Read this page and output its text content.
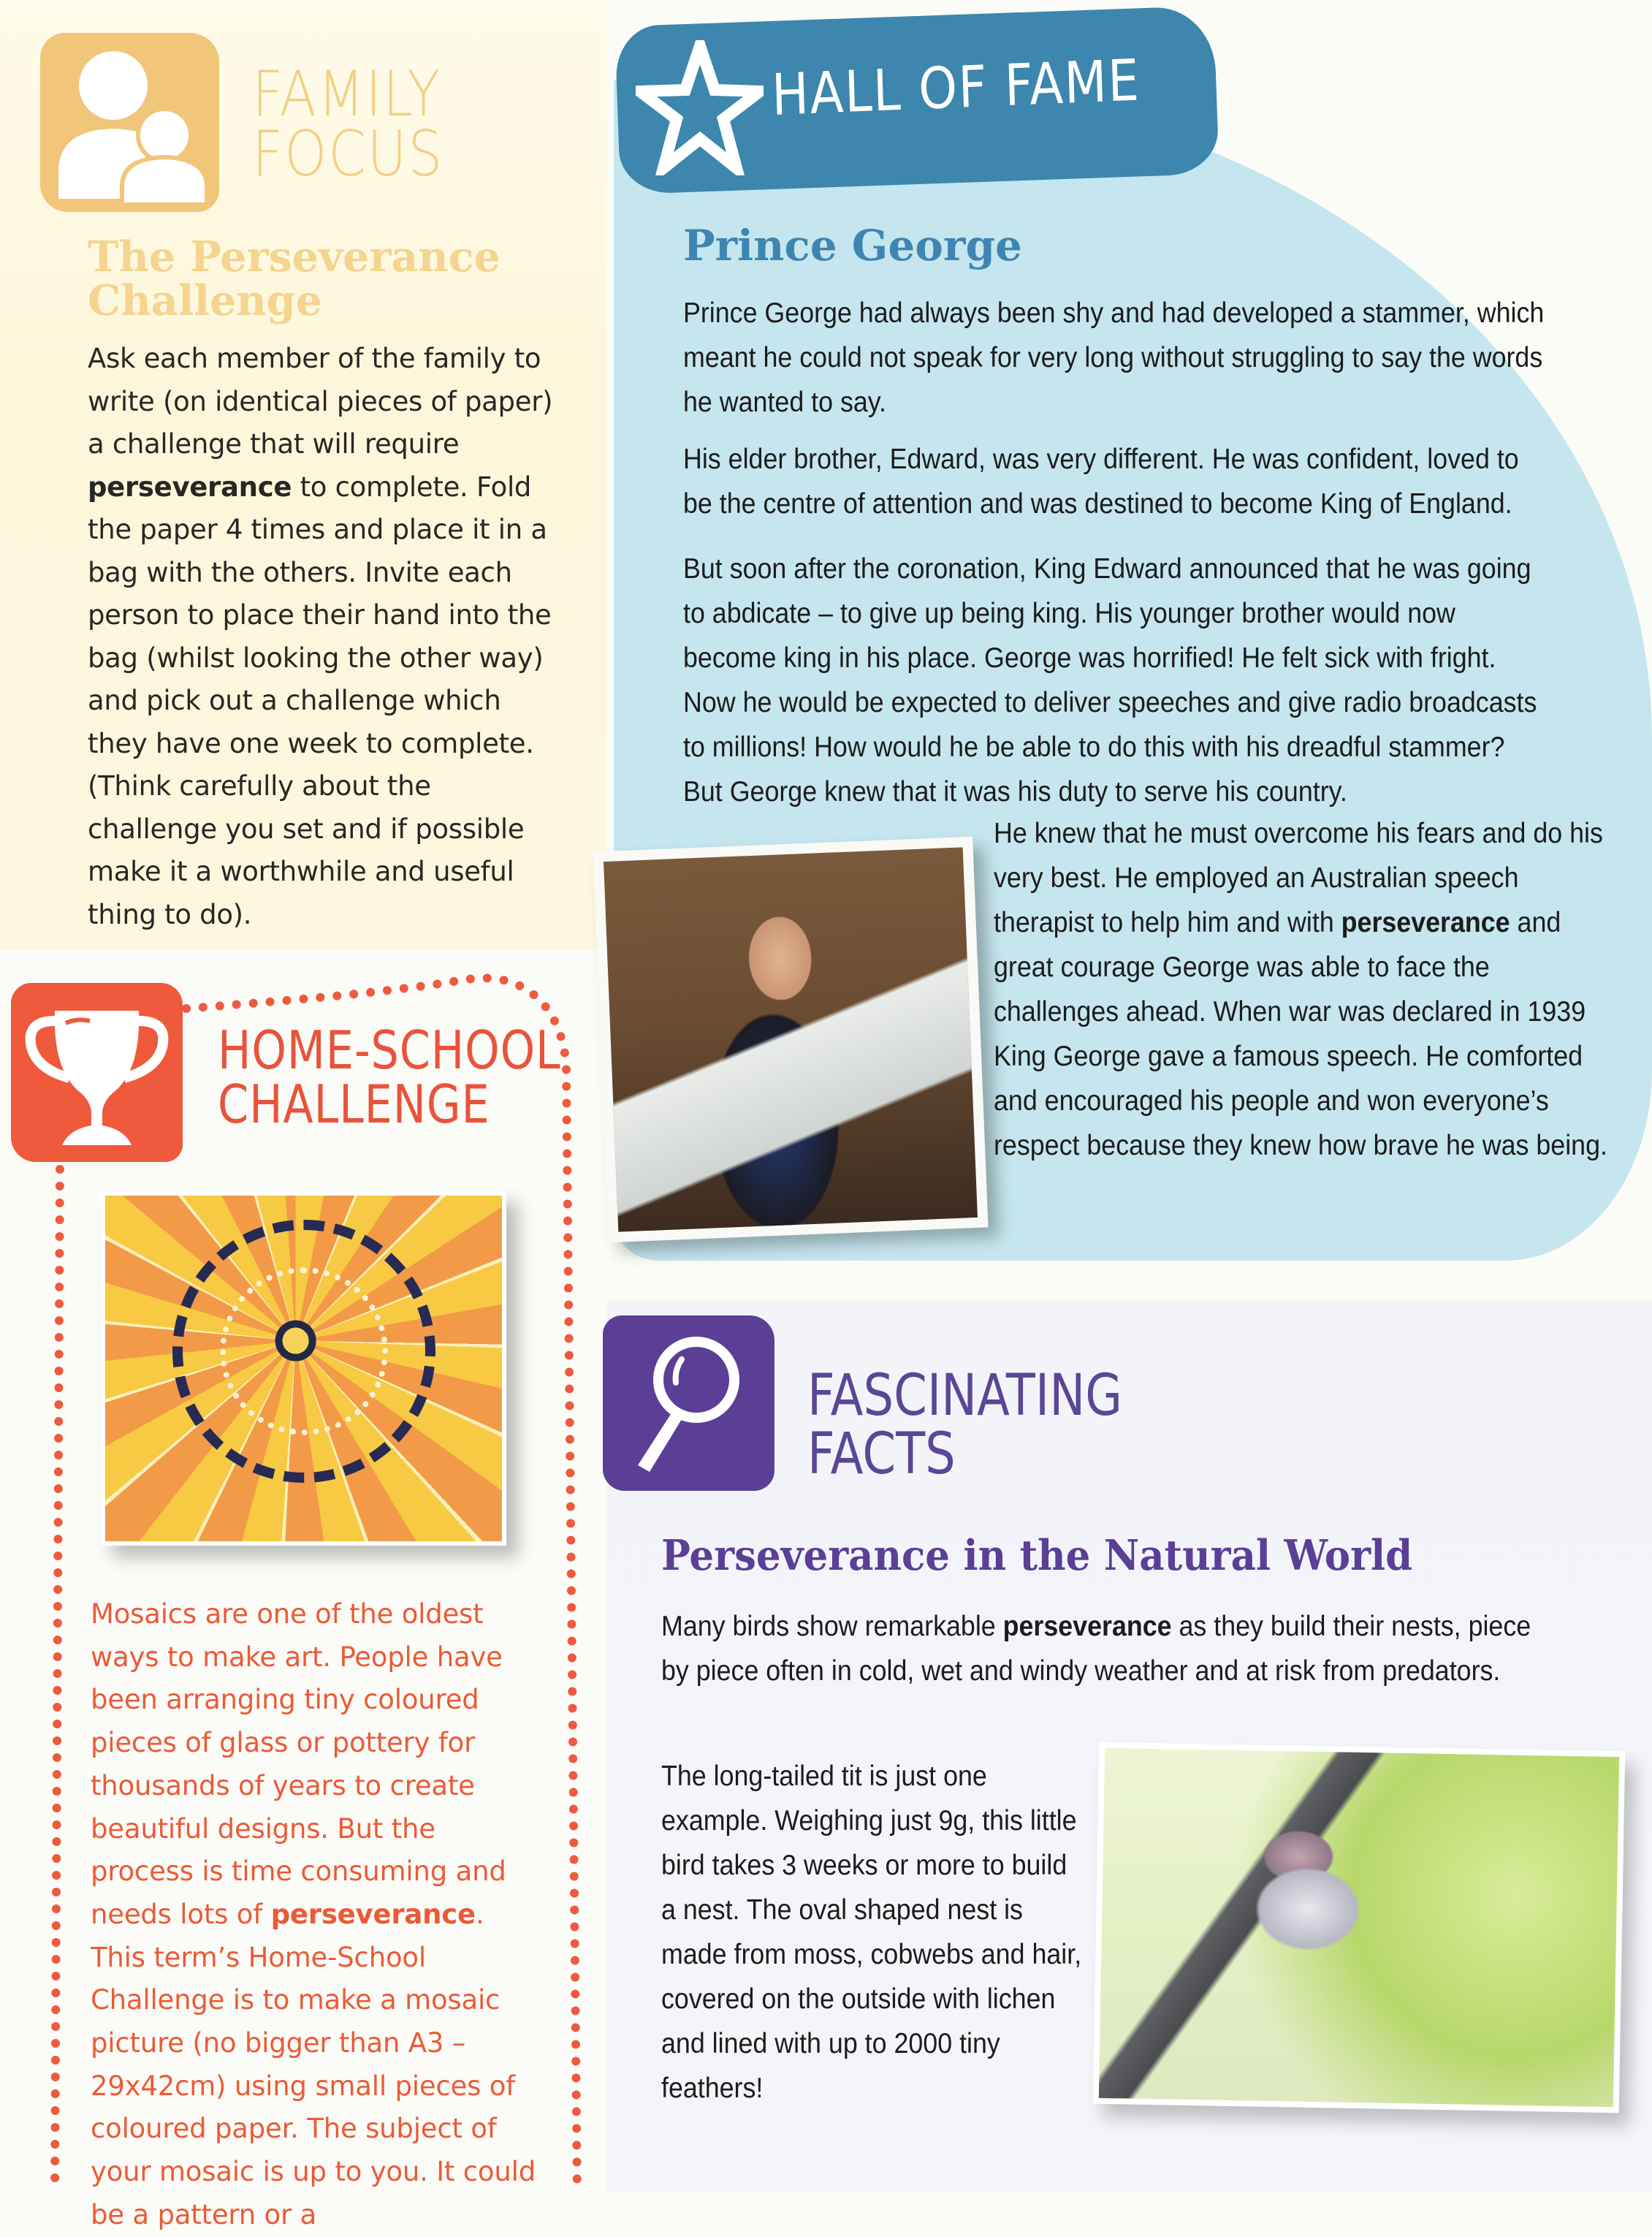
FAMILY
FOCUS
The Perseverance Challenge

Ask each member of the family to write (on identical pieces of paper) a challenge that will require perseverance to complete. Fold the paper 4 times and place it in a bag with the others. Invite each person to place their hand into the bag (whilst looking the other way) and pick out a challenge which they have one week to complete. (Think carefully about the challenge you set and if possible make it a worthwhile and useful thing to do).

HALL OF FAME
Prince George

Prince George had always been shy and had developed a stammer, which meant he could not speak for very long without struggling to say the words he wanted to say.

His elder brother, Edward, was very different. He was confident, loved to be the centre of attention and was destined to become King of England.

But soon after the coronation, King Edward announced that he was going to abdicate – to give up being king. His younger brother would now become king in his place. George was horrified! He felt sick with fright. Now he would be expected to deliver speeches and give radio broadcasts to millions! How would he be able to do this with his dreadful stammer? But George knew that it was his duty to serve his country.

He knew that he must overcome his fears and do his very best. He employed an Australian speech therapist to help him and with perseverance and great courage George was able to face the challenges ahead. When war was declared in 1939 King George gave a famous speech. He comforted and encouraged his people and won everyone’s respect because they knew how brave he was being.

HOME-SCHOOL
CHALLENGE

Mosaics are one of the oldest ways to make art. People have been arranging tiny coloured pieces of glass or pottery for thousands of years to create beautiful designs. But the process is time consuming and needs lots of perseverance. This term’s Home-School Challenge is to make a mosaic picture (no bigger than A3 – 29x42cm) using small pieces of coloured paper. The subject of your mosaic is up to you. It could be a pattern or a

FASCINATING
FACTS
Perseverance in the Natural World

Many birds show remarkable perseverance as they build their nests, piece by piece often in cold, wet and windy weather and at risk from predators.

The long-tailed tit is just one example. Weighing just 9g, this little bird takes 3 weeks or more to build a nest. The oval shaped nest is made from moss, cobwebs and hair, covered on the outside with lichen and lined with up to 2000 tiny feathers!
